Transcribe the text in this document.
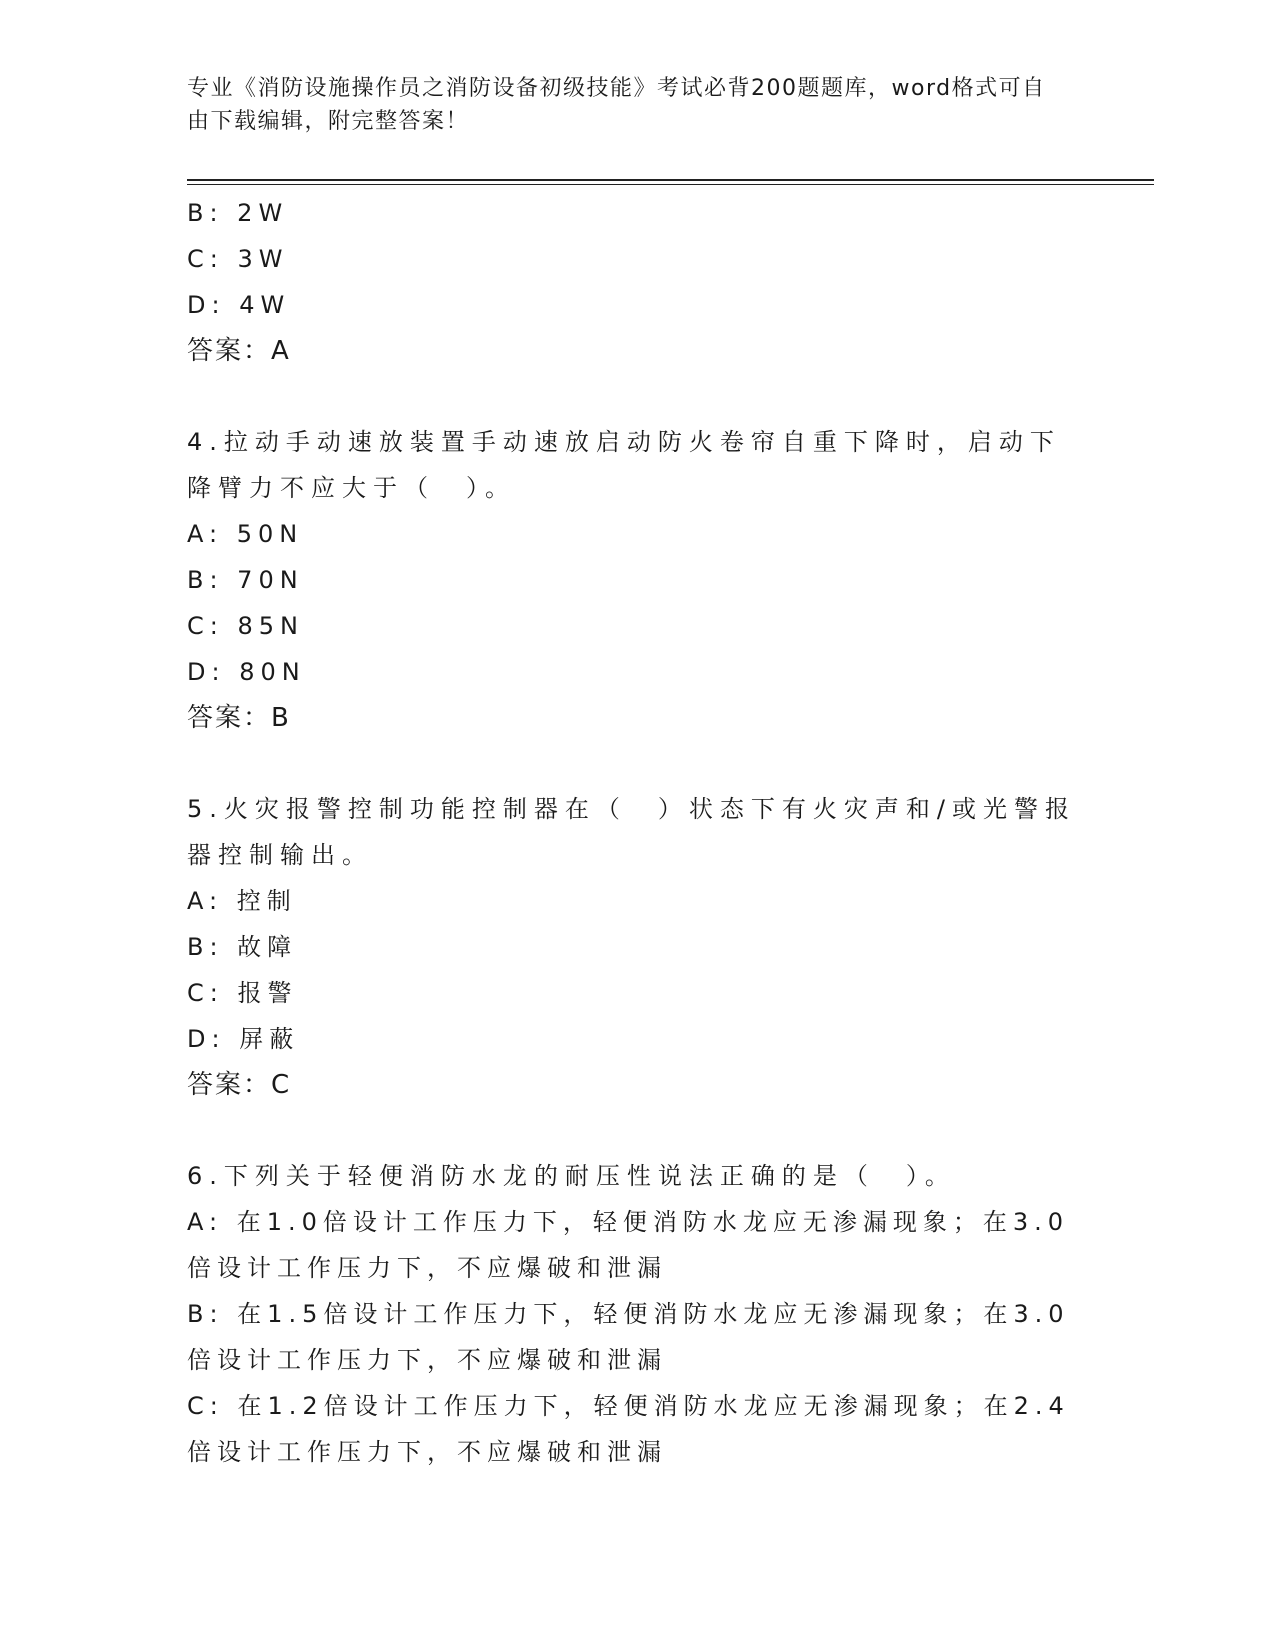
专业《消防设施操作员之消防设备初级技能》考试必背200题题库，word格式可自由下载编辑，附完整答案！
B: 2W
C: 3W
D: 4W
答案：A
4.拉动手动速放装置手动速放启动防火卷帘自重下降时，启动下降臂力不应大于（　）。
A: 50N
B: 70N
C: 85N
D: 80N
答案：B
5.火灾报警控制功能控制器在（　）状态下有火灾声和/或光警报器控制输出。
A: 控制
B: 故障
C: 报警
D: 屏蔽
答案：C
6.下列关于轻便消防水龙的耐压性说法正确的是（　）。
A: 在1.0倍设计工作压力下，轻便消防水龙应无渗漏现象；在3.0倍设计工作压力下，不应爆破和泄漏
B: 在1.5倍设计工作压力下，轻便消防水龙应无渗漏现象；在3.0倍设计工作压力下，不应爆破和泄漏
C: 在1.2倍设计工作压力下，轻便消防水龙应无渗漏现象；在2.4倍设计工作压力下，不应爆破和泄漏
